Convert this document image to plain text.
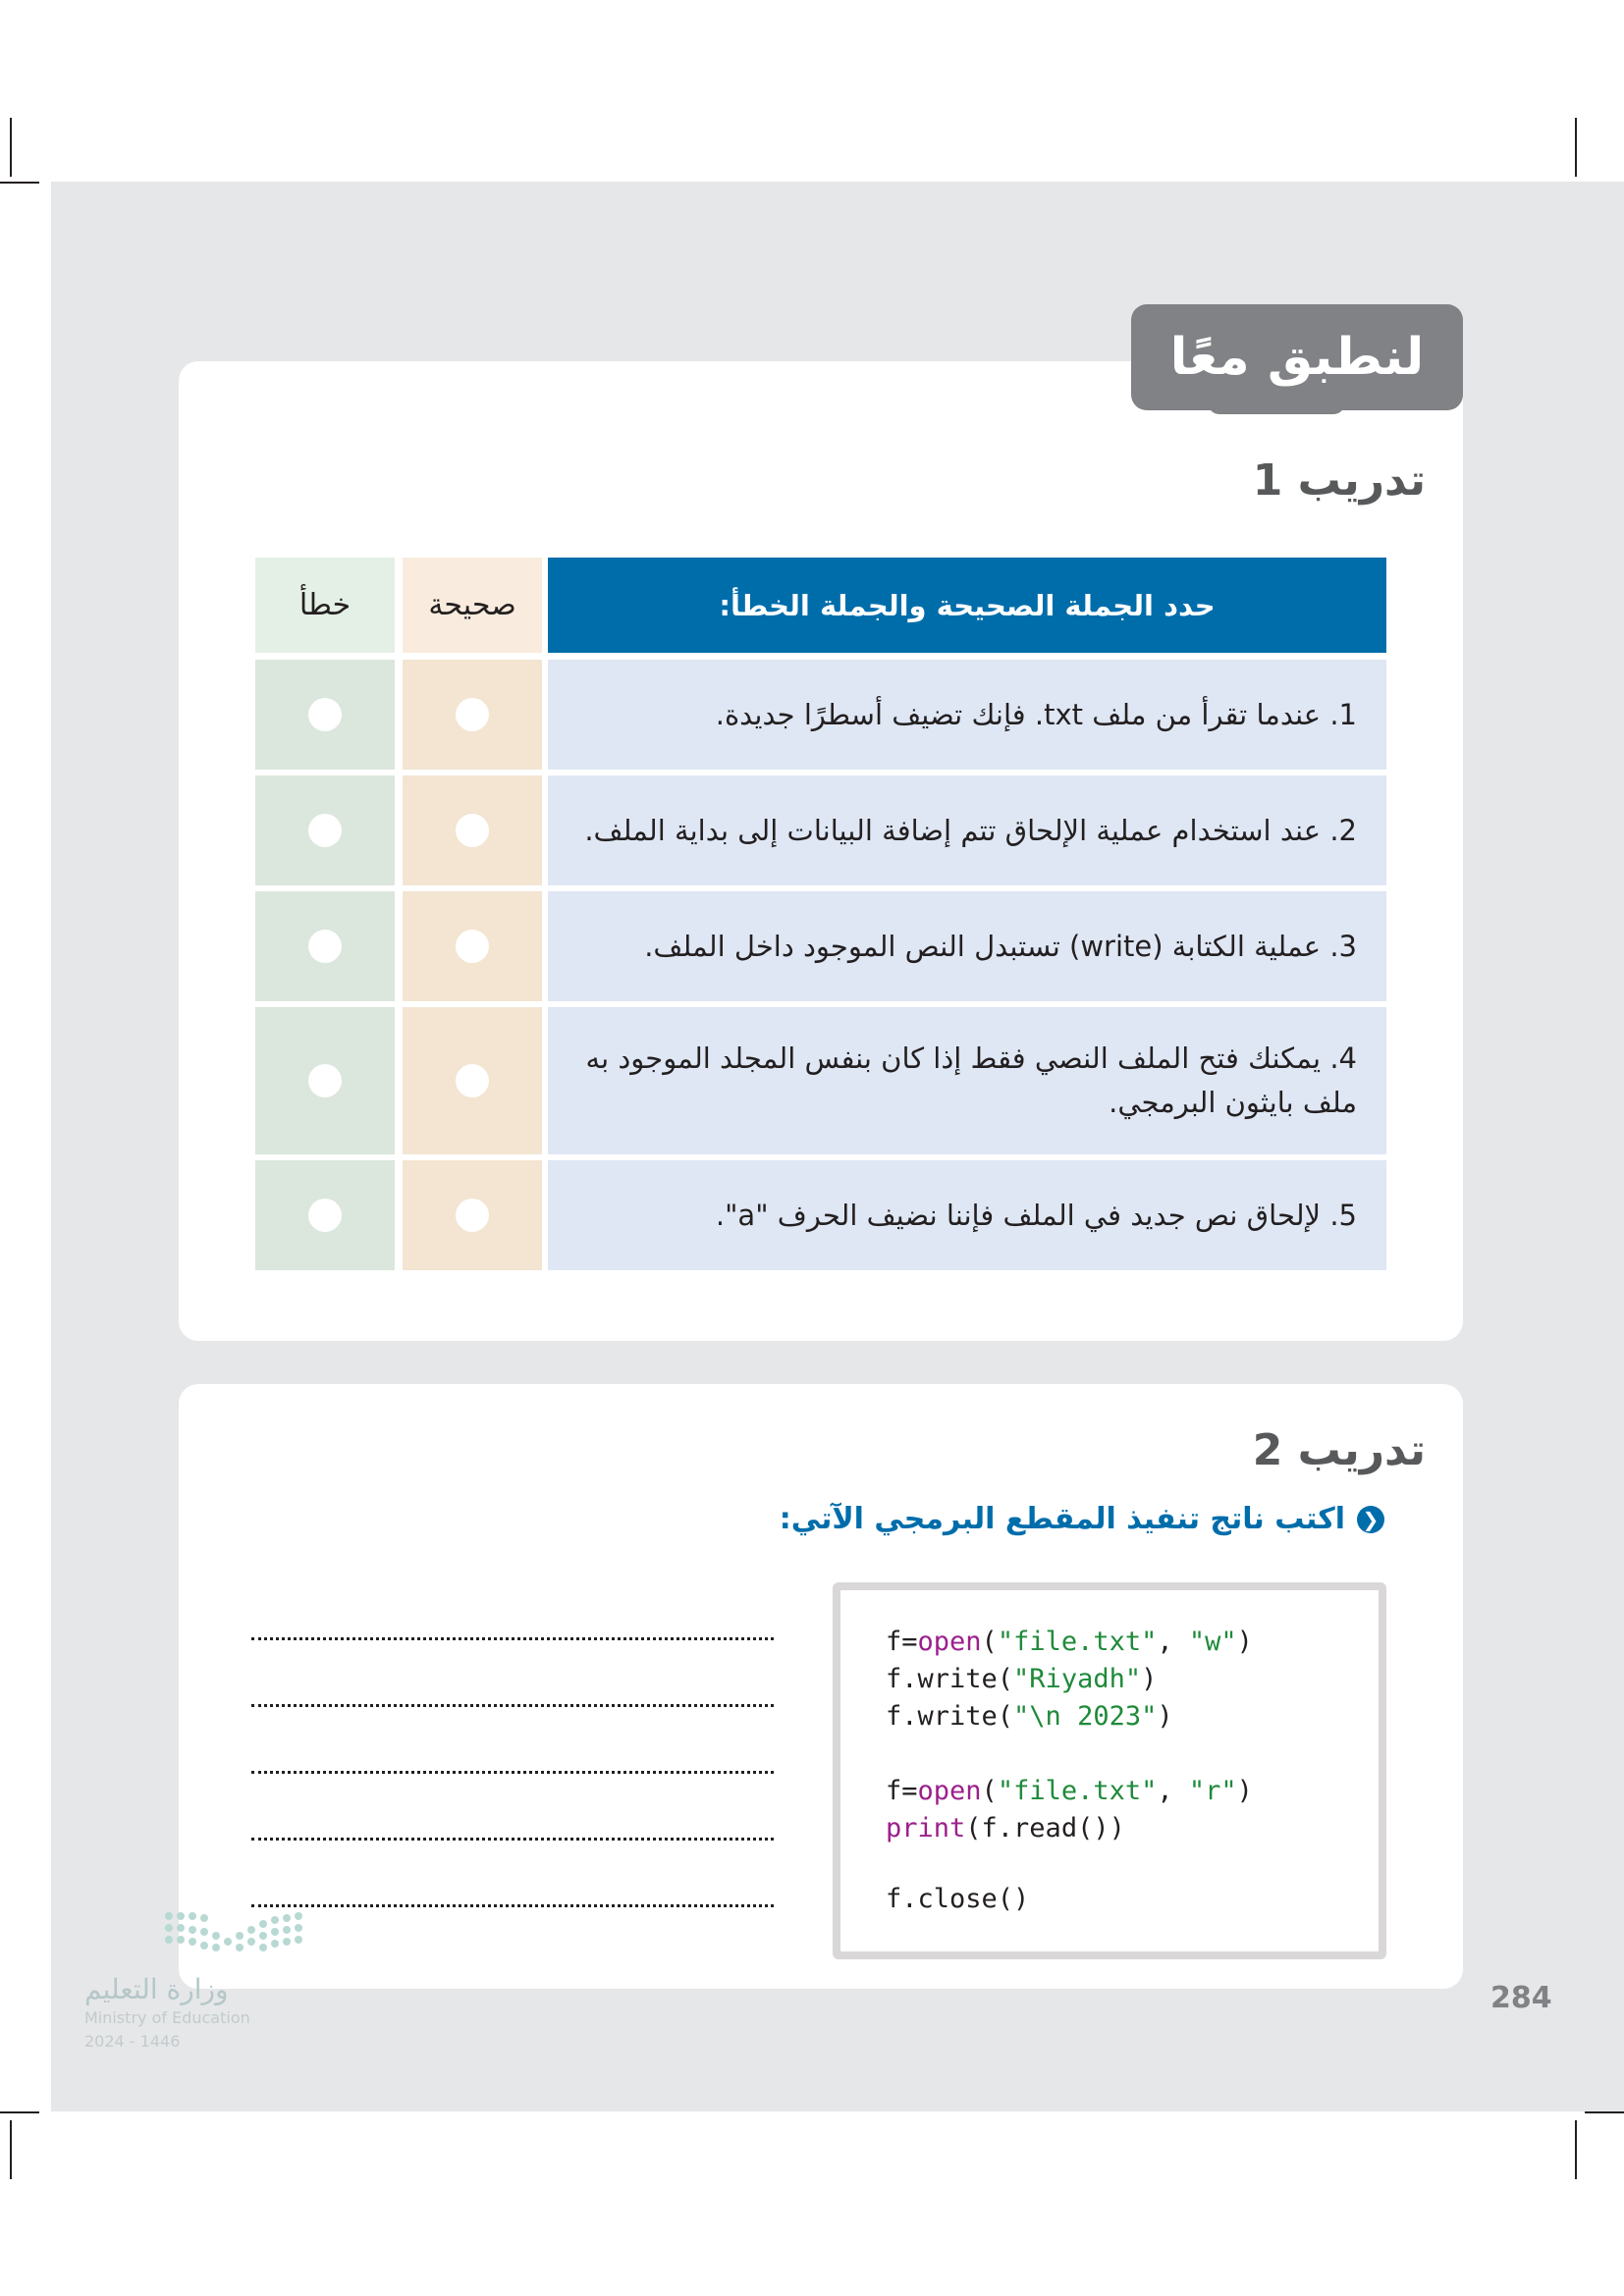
لنطبق معًا
تدريب 1
حدد الجملة الصحيحة والجملة الخطأ:
صحيحة
خطأ
1. عندما تقرأ من ملف txt. فإنك تضيف أسطرًا جديدة.
2. عند استخدام عملية الإلحاق تتم إضافة البيانات إلى بداية الملف.
3. عملية الكتابة (write) تستبدل النص الموجود داخل الملف.
4. يمكنك فتح الملف النصي فقط إذا كان بنفس المجلد الموجود به ملف بايثون البرمجي.
5. لإلحاق نص جديد في الملف فإننا نضيف الحرف "a".
تدريب 2
❮
اكتب ناتج تنفيذ المقطع البرمجي الآتي:
f=open("file.txt", "w")
f.write("Riyadh")
f.write("\n 2023")
f=open("file.txt", "r")
print(f.read())
f.close()
284
وزارة التعليم
Ministry of Education
2024 - 1446
